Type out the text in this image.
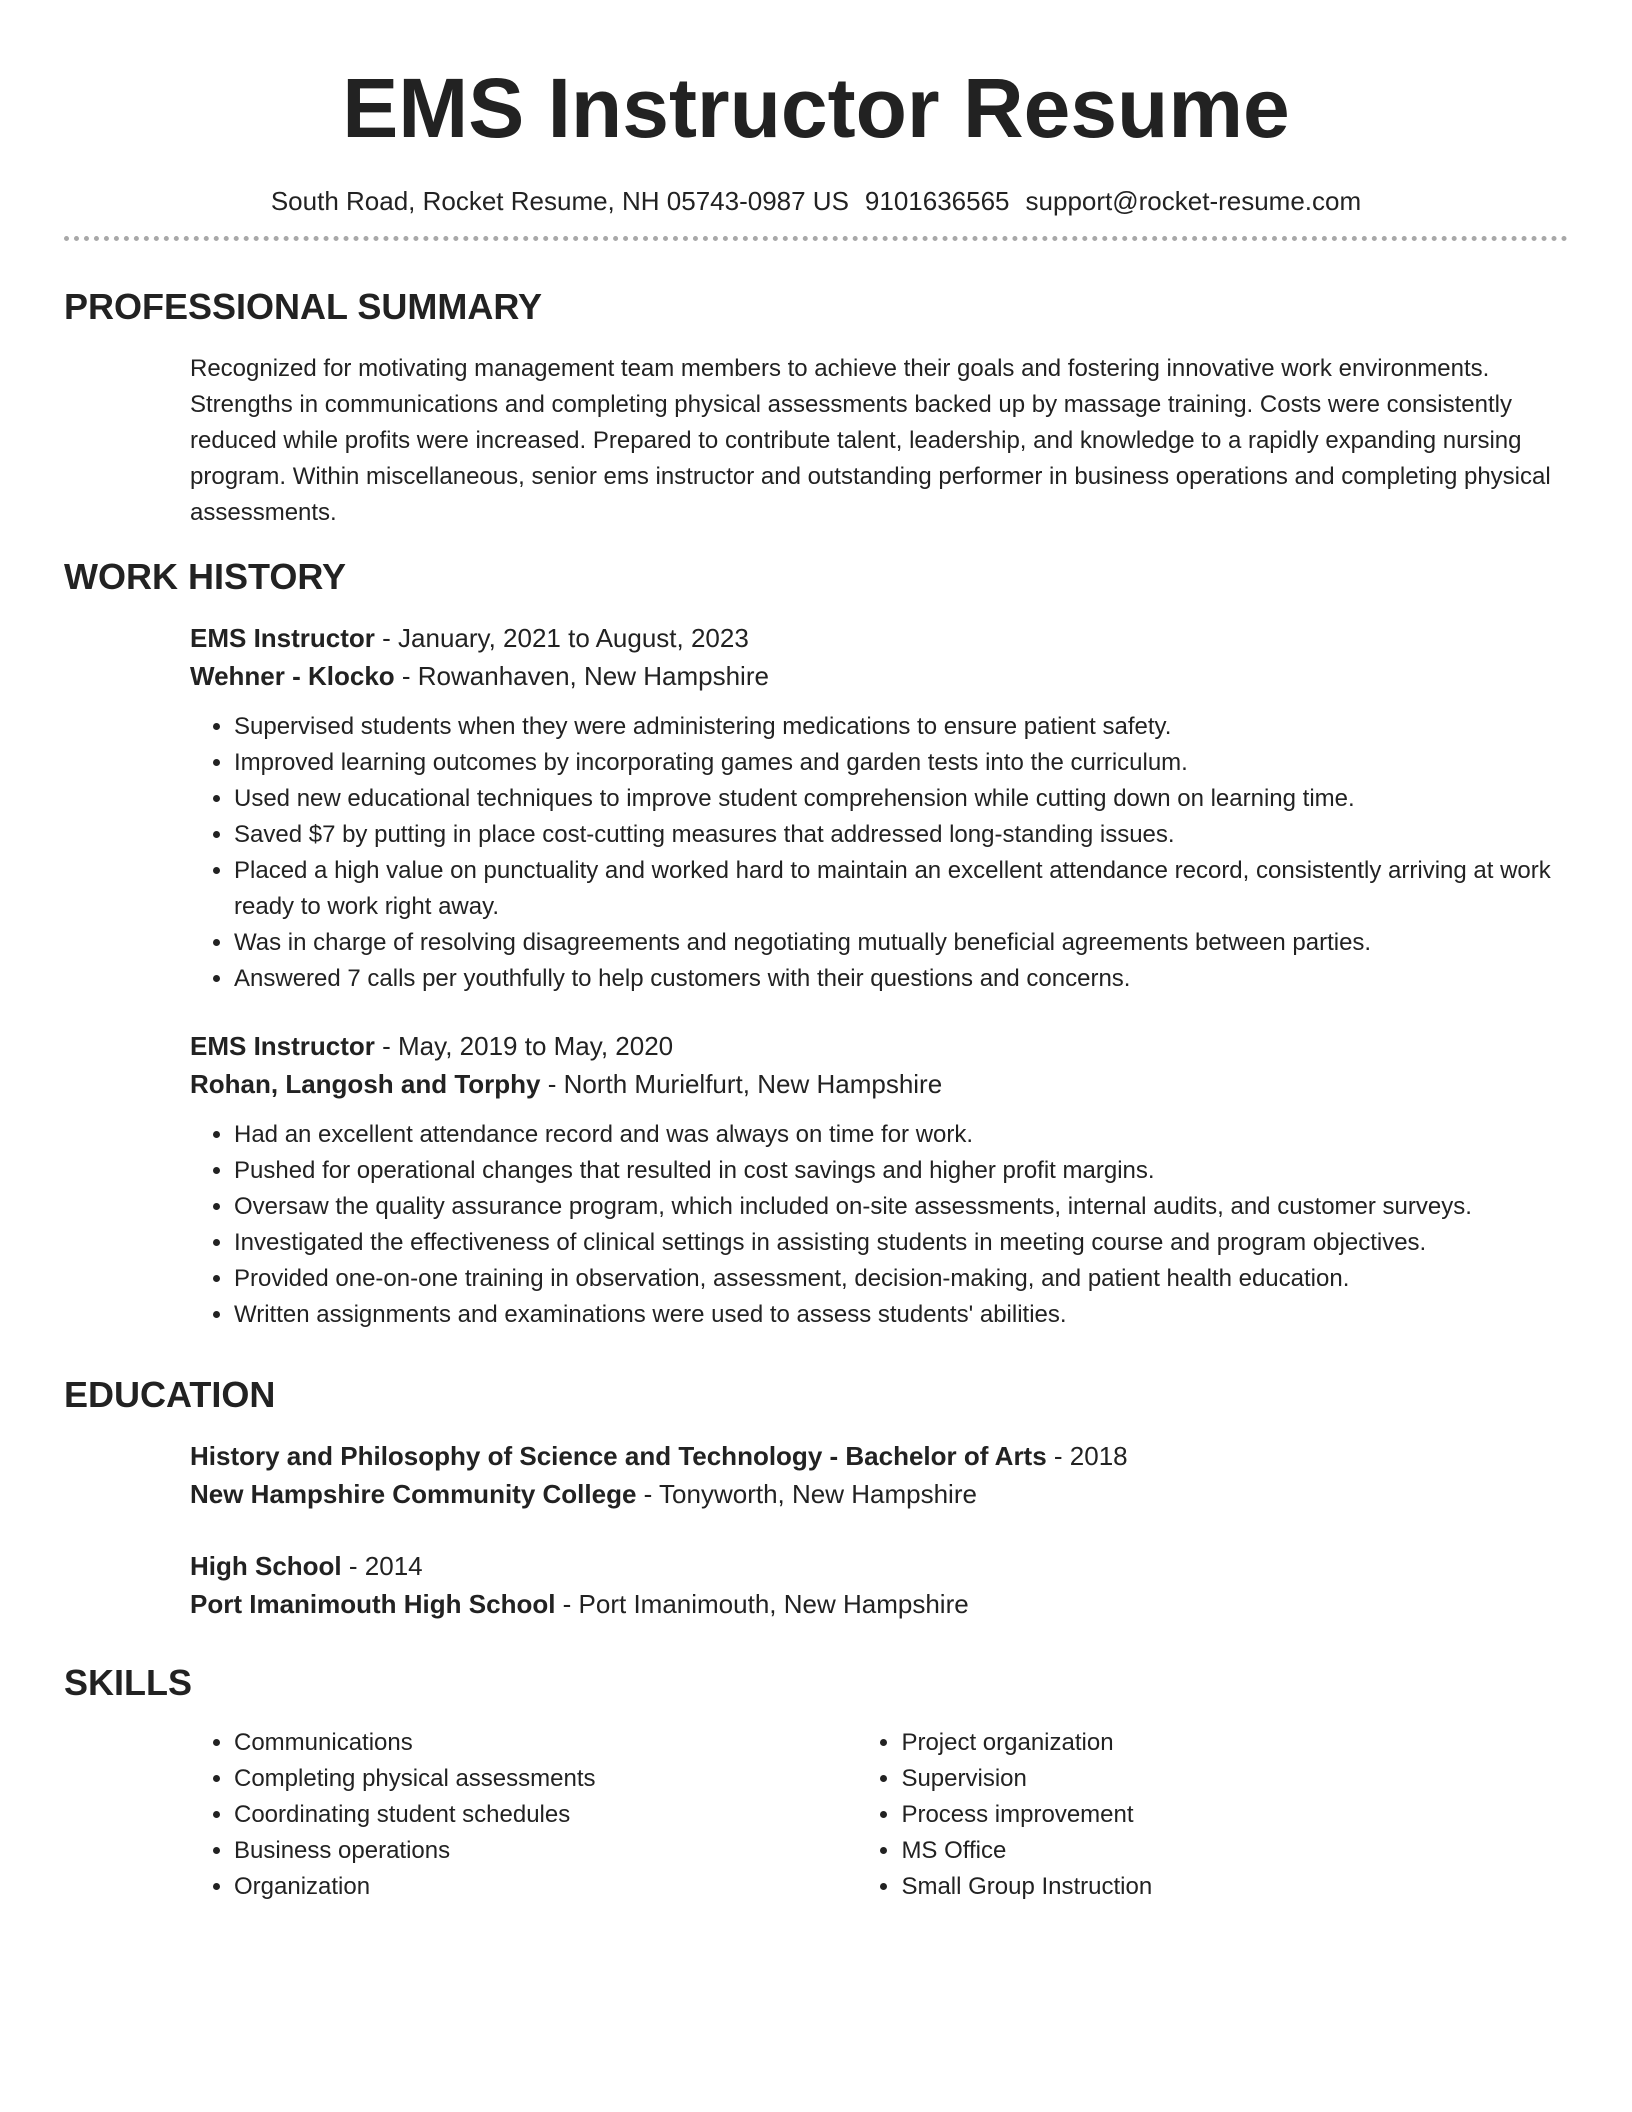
EMS Instructor Resume
South Road, Rocket Resume, NH 05743-0987 US 9101636565 support@rocket-resume.com
PROFESSIONAL SUMMARY

Recognized for motivating management team members to achieve their goals and fostering innovative work environments. Strengths in communications and completing physical assessments backed up by massage training. Costs were consistently reduced while profits were increased. Prepared to contribute talent, leadership, and knowledge to a rapidly expanding nursing program. Within miscellaneous, senior ems instructor and outstanding performer in business operations and completing physical assessments.

WORK HISTORY
EMS Instructor - January, 2021 to August, 2023
Wehner - Klocko - Rowanhaven, New Hampshire
• Supervised students when they were administering medications to ensure patient safety.
• Improved learning outcomes by incorporating games and garden tests into the curriculum.
• Used new educational techniques to improve student comprehension while cutting down on learning time.
• Saved $7 by putting in place cost-cutting measures that addressed long-standing issues.
• Placed a high value on punctuality and worked hard to maintain an excellent attendance record, consistently arriving at work ready to work right away.
• Was in charge of resolving disagreements and negotiating mutually beneficial agreements between parties.
• Answered 7 calls per youthfully to help customers with their questions and concerns.
EMS Instructor - May, 2019 to May, 2020
Rohan, Langosh and Torphy - North Murielfurt, New Hampshire
• Had an excellent attendance record and was always on time for work.
• Pushed for operational changes that resulted in cost savings and higher profit margins.
• Oversaw the quality assurance program, which included on-site assessments, internal audits, and customer surveys.
• Investigated the effectiveness of clinical settings in assisting students in meeting course and program objectives.
• Provided one-on-one training in observation, assessment, decision-making, and patient health education.
• Written assignments and examinations were used to assess students' abilities.
EDUCATION
History and Philosophy of Science and Technology - Bachelor of Arts - 2018
New Hampshire Community College - Tonyworth, New Hampshire
High School - 2014
Port Imanimouth High School - Port Imanimouth, New Hampshire
SKILLS
• Communications
• Completing physical assessments
• Coordinating student schedules
• Business operations
• Organization
• Project organization
• Supervision
• Process improvement
• MS Office
• Small Group Instruction
